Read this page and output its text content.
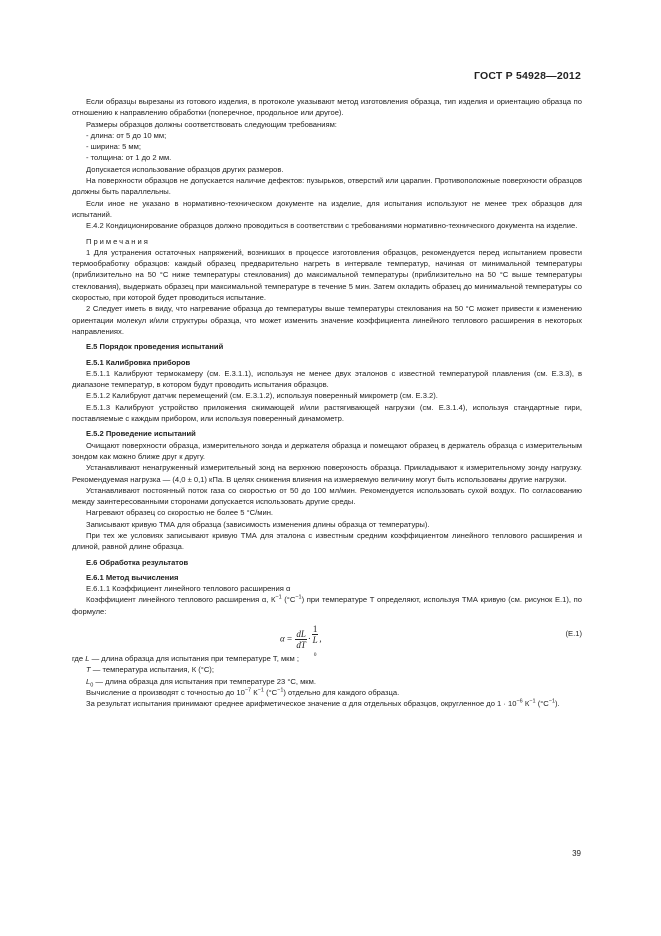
ГОСТ Р 54928—2012

Если образцы вырезаны из готового изделия, в протоколе указывают метод изготовления образца, тип изделия и ориентацию образца по отношению к направлению обработки (поперечное, продольное или другое).

Размеры образцов должны соответствовать следующим требованиям:

- длина: от 5 до 10 мм;

- ширина: 5 мм;

- толщина: от 1 до 2 мм.

Допускается использование образцов других размеров.

На поверхности образцов не допускается наличие дефектов: пузырьков, отверстий или царапин. Противоположные поверхности образцов должны быть параллельны.

Если иное не указано в нормативно-техническом документе на изделие, для испытания используют не менее трех образцов для испытаний.

Е.4.2 Кондиционирование образцов должно проводиться в соответствии с требованиями нормативно-технического документа на изделие.

Примечания

1 Для устранения остаточных напряжений, возникших в процессе изготовления образцов, рекомендуется перед испытанием провести термообработку образцов: каждый образец предварительно нагреть в интервале температур, начиная от минимальной температуры (приблизительно на 50 °С ниже температуры стеклования) до максимальной температуры (приблизительно на 50 °С выше температуры стеклования), выдержать образец при максимальной температуре в течение 5 мин. Затем охладить образец до минимальной температуры со скоростью, при которой будет проводиться испытание.

2 Следует иметь в виду, что нагревание образца до температуры выше температуры стеклования на 50 °С может привести к изменению ориентации молекул и/или структуры образца, что может изменить значение коэффициента линейного теплового расширения в некоторых направлениях.

Е.5 Порядок проведения испытаний

Е.5.1 Калибровка приборов

Е.5.1.1 Калибруют термокамеру (см. Е.3.1.1), используя не менее двух эталонов с известной температурой плавления (см. Е.3.3), в диапазоне температур, в котором будут проводить испытания образцов.

Е.5.1.2 Калибруют датчик перемещений (см. Е.3.1.2), используя поверенный микрометр (см. Е.3.2).

Е.5.1.3 Калибруют устройство приложения сжимающей и/или растягивающей нагрузки (см. Е.3.1.4), используя стандартные гири, поставляемые с каждым прибором, или используя поверенный динамометр.

Е.5.2 Проведение испытаний

Очищают поверхности образца, измерительного зонда и держателя образца и помещают образец в держатель образца с измерительным зондом как можно ближе друг к другу.

Устанавливают ненагруженный измерительный зонд на верхнюю поверхность образца. Прикладывают к измерительному зонду нагрузку. Рекомендуемая нагрузка — (4,0 ± 0,1) кПа. В целях снижения влияния на измеряемую величину могут быть использованы другие нагрузки.

Устанавливают постоянный поток газа со скоростью от 50 до 100 мл/мин. Рекомендуется использовать сухой воздух. По согласованию между заинтересованными сторонами допускается использовать другие среды.

Нагревают образец со скоростью не более 5 °С/мин.

Записывают кривую ТМА для образца (зависимость изменения длины образца от температуры).

При тех же условиях записывают кривую ТМА для эталона с известным средним коэффициентом линейного теплового расширения и длиной, равной длине образца.

Е.6 Обработка результатов

Е.6.1 Метод вычисления

Е.6.1.1 Коэффициент линейного теплового расширения α

Коэффициент линейного теплового расширения α, $К^{-1}$ $(^\circ С^{-1})$ при температуре Т определяют, используя ТМА кривую (см. рисунок Е.1), по формуле:

$\alpha = \frac{dL}{dT} \cdot 1$
L
$_0$ ,
(Е.1)

где L — длина образца для испытания при температуре Т, мкм ;

T — температура испытания, К (°С);

$L_0$ — длина образца для испытания при температуре 23 °С, мкм.

Вычисление α производят с точностью до $10^{-7}$ $К^{-1}$ $(^\circ С^{-1})$ отдельно для каждого образца.

За результат испытания принимают среднее арифметическое значение α для отдельных образцов, округленное до $1 \cdot 10^{-6}$ $К^{-1}$ $(^\circ С^{-1})$.

39
